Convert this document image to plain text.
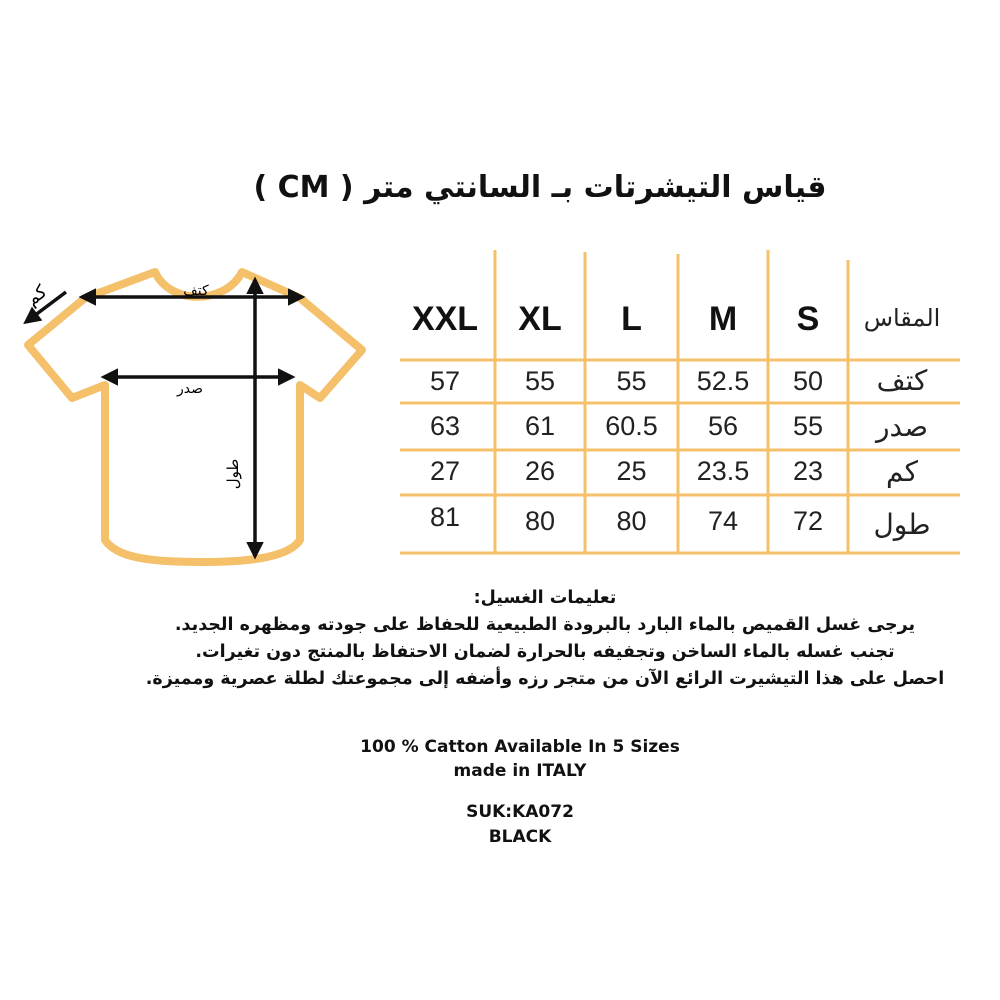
قياس التيشرتات بـ السانتي متر ( CM )
كم	كتف
صدر
طول
المقاس
S
M
L
XL
XXL
كتف
50
52.5
55
55
57
صدر
55
56
60.5
61
63
كم
23
23.5
25
26
27
طول
72
74
80
80
81
تعليمات الغسيل:
يرجى غسل القميص بالماء البارد بالبرودة الطبيعية للحفاظ على جودته ومظهره الجديد.
تجنب غسله بالماء الساخن وتجفيفه بالحرارة لضمان الاحتفاظ بالمنتج دون تغيرات.
احصل على هذا التيشيرت الرائع الآن من متجر رزه وأضفه إلى مجموعتك لطلة عصرية ومميزة.
100 % Catton Available In 5 Sizes
made in ITALY
SUK:KA072
BLACK
